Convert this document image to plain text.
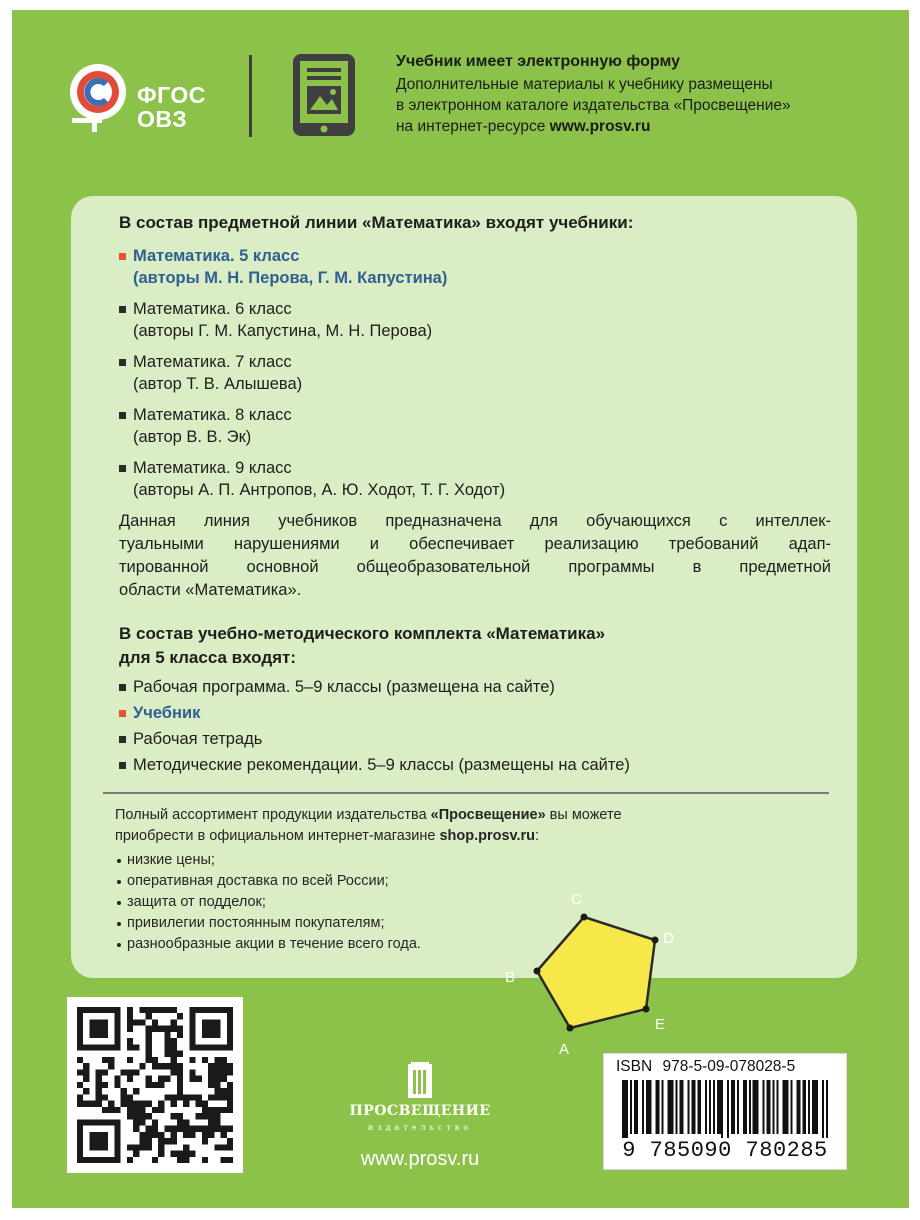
ФГОС
ОВЗ
Учебник имеет электронную форму
Дополнительные материалы к учебнику размещены
в электронном каталоге издательства «Просвещение»
на интернет-ресурсе www.prosv.ru
В состав предметной линии «Математика» входят учебники:
Математика. 5 класс
(авторы М. Н. Перова, Г. М. Капустина)
Математика. 6 класс
(авторы Г. М. Капустина, М. Н. Перова)
Математика. 7 класс
(автор Т. В. Алышева)
Математика. 8 класс
(автор В. В. Эк)
Математика. 9 класс
(авторы А. П. Антропов, А. Ю. Ходот, Т. Г. Ходот)
Данная линия учебников предназначена для обучающихся с интеллек-
туальными нарушениями и обеспечивает реализацию требований адап-
тированной основной общеобразовательной программы в предметной
области «Математика».
В состав учебно-методического комплекта «Математика»
для 5 класса входят:
Рабочая программа. 5–9 классы (размещена на сайте)
Учебник
Рабочая тетрадь
Методические рекомендации. 5–9 классы (размещены на сайте)
Полный ассортимент продукции издательства «Просвещение» вы можете
приобрести в официальном интернет-магазине shop.prosv.ru:
низкие цены;
оперативная доставка по всей России;
защита от подделок;
привилегии постоянным покупателям;
разнообразные акции в течение всего года.
C
D
B
E
A
ПРОСВЕЩЕНИЕ
издательство
www.prosv.ru
ISBN 978-5-09-078028-5
9 785090 780285
